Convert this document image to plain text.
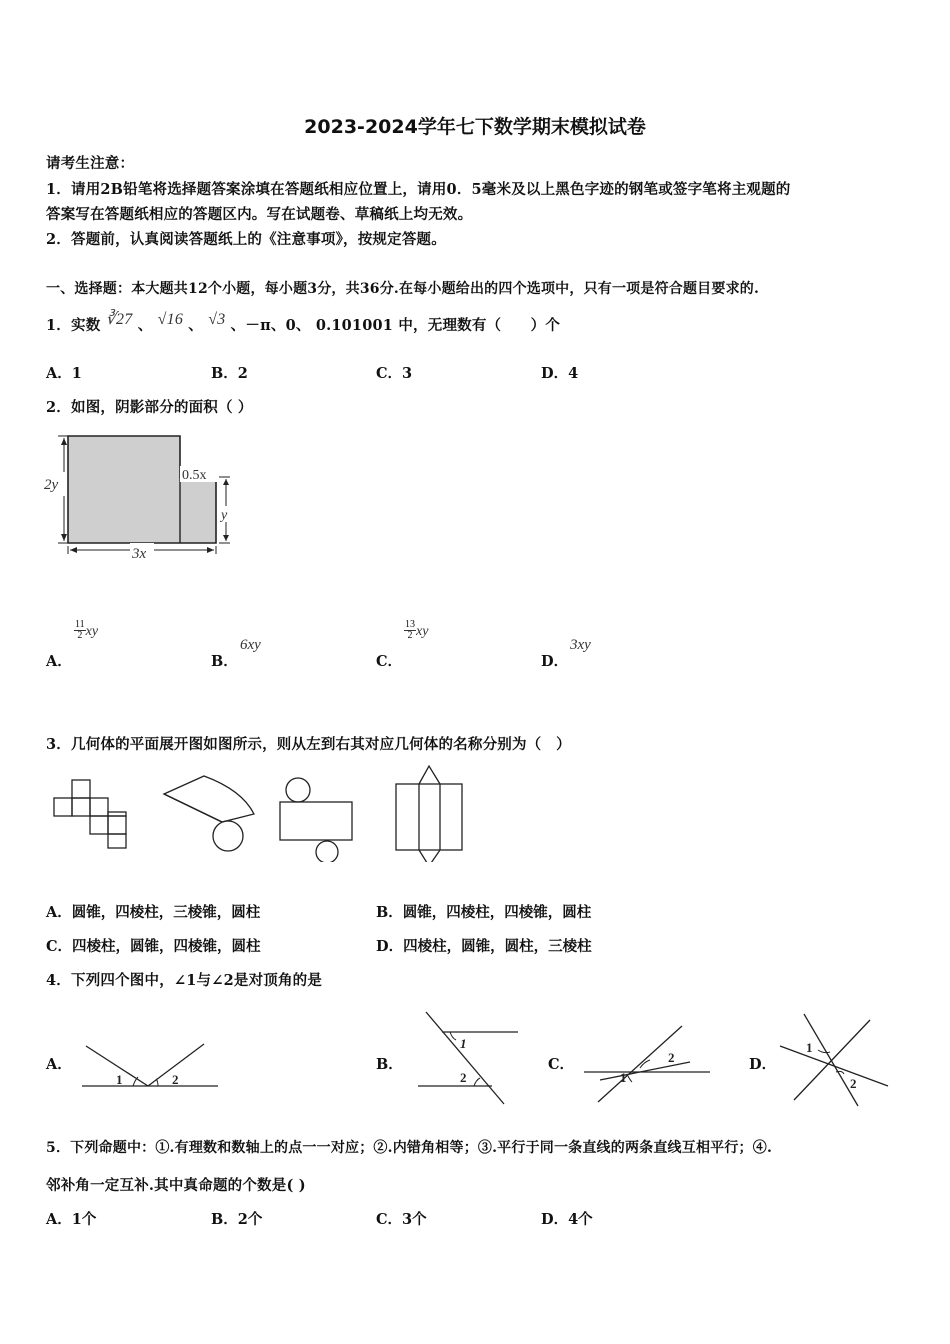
2023-2024学年七下数学期末模拟试卷
请考生注意：
1．请用2B铅笔将选择题答案涂填在答题纸相应位置上，请用0．5毫米及以上黑色字迹的钢笔或签字笔将主观题的
答案写在答题纸相应的答题区内。写在试题卷、草稿纸上均无效。
2．答题前，认真阅读答题纸上的《注意事项》，按规定答题。
一、选择题：本大题共12个小题，每小题3分，共36分.在每小题给出的四个选项中，只有一项是符合题目要求的.
1．实数 ∛27 、 √16 、 √3 、－π、0、 0.101001 中，无理数有（　　）个
A．1	B．2	C．3	D．4
2．如图，阴影部分的面积（ ）
2y
0.5x
y
3x
A．
$\frac{11}{2}$ xy
B．
6xy
C．
$\frac{13}{2}$ xy
D．
3xy
3．几何体的平面展开图如图所示，则从左到右其对应几何体的名称分别为（　）
A．圆锥，四棱柱，三棱锥，圆柱	B．圆锥，四棱柱，四棱锥，圆柱
C．四棱柱，圆锥，四棱锥，圆柱	D．四棱柱，圆锥，圆柱，三棱柱
4．下列四个图中，∠1与∠2是对顶角的是
A．
1	2
B．
1
2
C．	2
1
D．
1
2
5．下列命题中：①.有理数和数轴上的点一一对应；②.内错角相等；③.平行于同一条直线的两条直线互相平行；④.
邻补角一定互补.其中真命题的个数是( )
A．1个	B．2个	C．3个	D．4个
